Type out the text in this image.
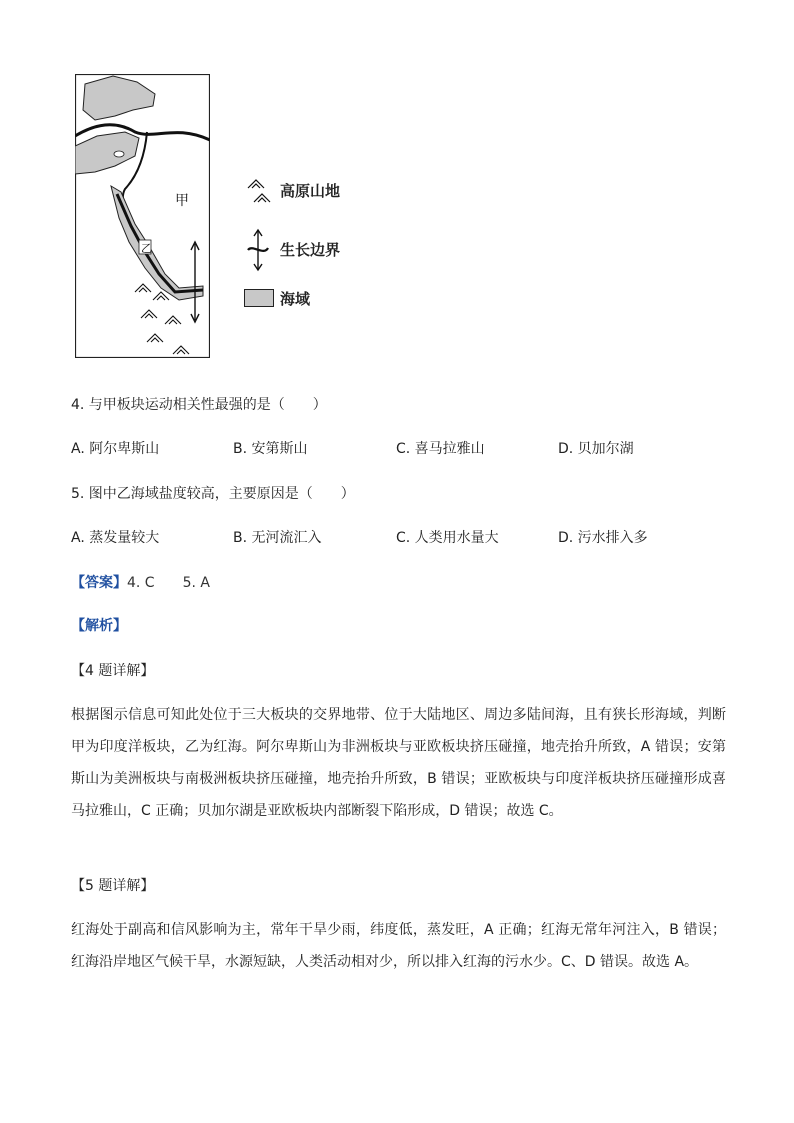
乙
甲
高原山地
生长边界
海域
4. 与甲板块运动相关性最强的是（　　）
A. 阿尔卑斯山	B. 安第斯山	C. 喜马拉雅山	D. 贝加尔湖
5. 图中乙海域盐度较高，主要原因是（　　）
A. 蒸发量较大	B. 无河流汇入	C. 人类用水量大	D. 污水排入多
【答案】4. C　　5. A
【解析】
【4 题详解】
根据图示信息可知此处位于三大板块的交界地带、位于大陆地区、周边多陆间海，且有狭长形海域，判断甲为印度洋板块，乙为红海。阿尔卑斯山为非洲板块与亚欧板块挤压碰撞，地壳抬升所致，A 错误；安第斯山为美洲板块与南极洲板块挤压碰撞，地壳抬升所致，B 错误；亚欧板块与印度洋板块挤压碰撞形成喜马拉雅山，C 正确；贝加尔湖是亚欧板块内部断裂下陷形成，D 错误；故选 C。
【5 题详解】
红海处于副高和信风影响为主，常年干旱少雨，纬度低，蒸发旺，A 正确；红海无常年河注入，B 错误；红海沿岸地区气候干旱，水源短缺，人类活动相对少，所以排入红海的污水少。C、D 错误。故选 A。
